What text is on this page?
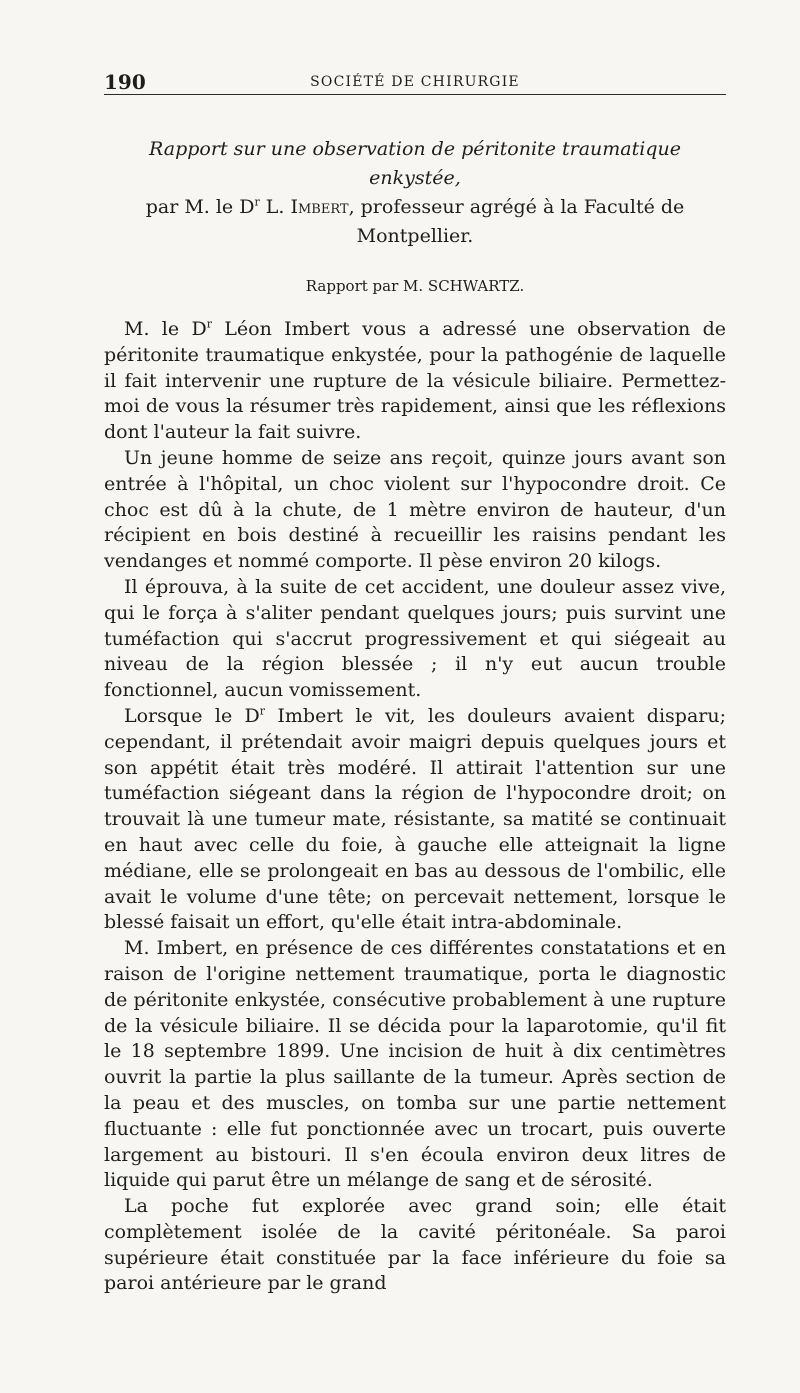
190	SOCIÉTÉ DE CHIRURGIE
Rapport sur une observation de péritonite traumatique enkystée,
par M. le $D^r$ L. Imbert, professeur agrégé à la Faculté de Montpellier.
Rapport par M. SCHWARTZ.

M. le $D^r$ Léon Imbert vous a adressé une observation de péritonite traumatique enkystée, pour la pathogénie de laquelle il fait intervenir une rupture de la vésicule biliaire. Permettez-moi de vous la résumer très rapidement, ainsi que les réflexions dont l'auteur la fait suivre.

Un jeune homme de seize ans reçoit, quinze jours avant son entrée à l'hôpital, un choc violent sur l'hypocondre droit. Ce choc est dû à la chute, de 1 mètre environ de hauteur, d'un récipient en bois destiné à recueillir les raisins pendant les vendanges et nommé comporte. Il pèse environ 20 kilogs.

Il éprouva, à la suite de cet accident, une douleur assez vive, qui le força à s'aliter pendant quelques jours; puis survint une tuméfaction qui s'accrut progressivement et qui siégeait au niveau de la région blessée ; il n'y eut aucun trouble fonctionnel, aucun vomissement.

Lorsque le $D^r$ Imbert le vit, les douleurs avaient disparu; cependant, il prétendait avoir maigri depuis quelques jours et son appétit était très modéré. Il attirait l'attention sur une tuméfaction siégeant dans la région de l'hypocondre droit; on trouvait là une tumeur mate, résistante, sa matité se continuait en haut avec celle du foie, à gauche elle atteignait la ligne médiane, elle se prolongeait en bas au dessous de l'ombilic, elle avait le volume d'une tête; on percevait nettement, lorsque le blessé faisait un effort, qu'elle était intra-abdominale.

M. Imbert, en présence de ces différentes constatations et en raison de l'origine nettement traumatique, porta le diagnostic de péritonite enkystée, consécutive probablement à une rupture de la vésicule biliaire. Il se décida pour la laparotomie, qu'il fit le 18 septembre 1899. Une incision de huit à dix centimètres ouvrit la partie la plus saillante de la tumeur. Après section de la peau et des muscles, on tomba sur une partie nettement fluctuante : elle fut ponctionnée avec un trocart, puis ouverte largement au bistouri. Il s'en écoula environ deux litres de liquide qui parut être un mélange de sang et de sérosité.

La poche fut explorée avec grand soin; elle était complètement isolée de la cavité péritonéale. Sa paroi supérieure était constituée par la face inférieure du foie sa paroi antérieure par le grand
